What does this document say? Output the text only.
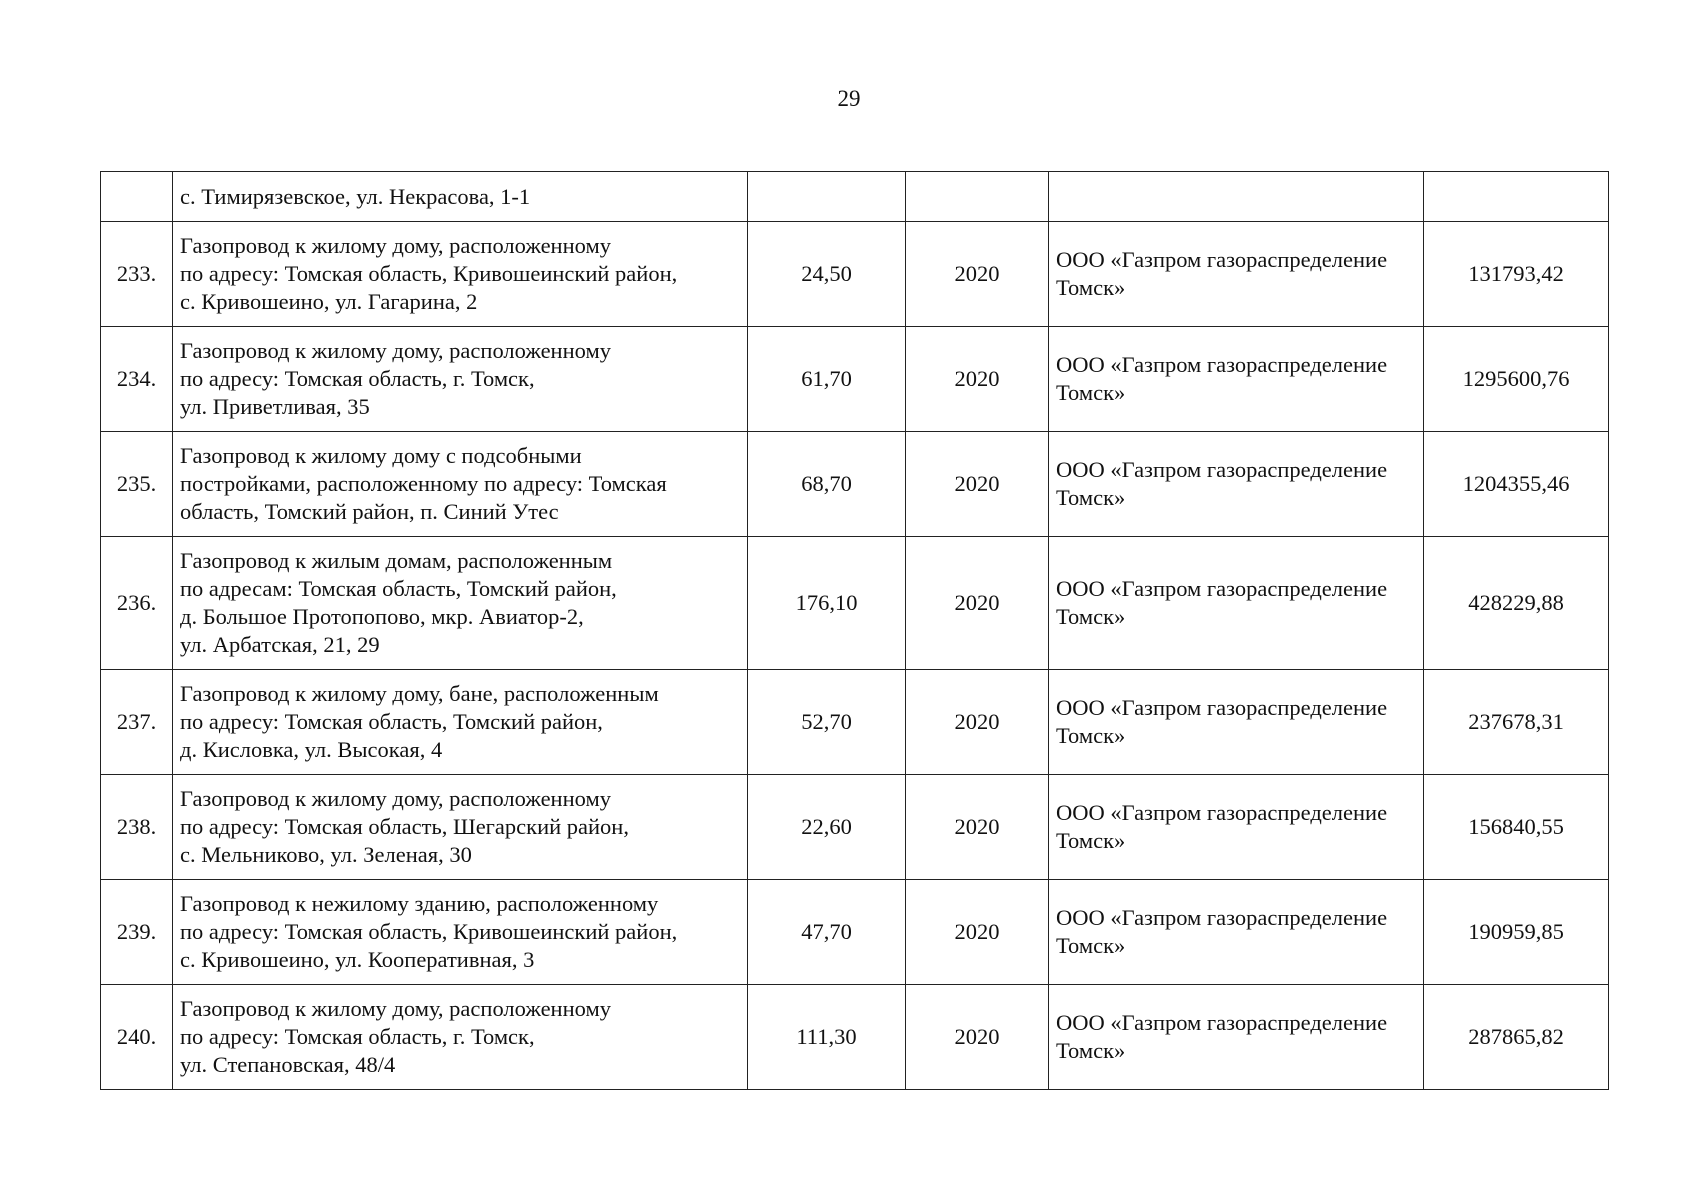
29

	с. Тимирязевское, ул. Некрасова, 1-1				

233.	Газопровод к жилому дому, расположенному
по адресу: Томская область, Кривошеинский район,
с. Кривошеино, ул. Гагарина, 2	24,50	2020	ООО «Газпром газораспределение
Томск»	131793,42
234.	Газопровод к жилому дому, расположенному
по адресу: Томская область, г. Томск,
ул. Приветливая, 35	61,70	2020	ООО «Газпром газораспределение
Томск»	1295600,76
235.	Газопровод к жилому дому с подсобными
постройками, расположенному по адресу: Томская
область, Томский район, п. Синий Утес	68,70	2020	ООО «Газпром газораспределение
Томск»	1204355,46
236.	Газопровод к жилым домам, расположенным
по адресам: Томская область, Томский район,
д. Большое Протопопово, мкр. Авиатор-2,
ул. Арбатская, 21, 29	176,10	2020	ООО «Газпром газораспределение
Томск»	428229,88
237.	Газопровод к жилому дому, бане, расположенным
по адресу: Томская область, Томский район,
д. Кисловка, ул. Высокая, 4	52,70	2020	ООО «Газпром газораспределение
Томск»	237678,31
238.	Газопровод к жилому дому, расположенному
по адресу: Томская область, Шегарский район,
с. Мельниково, ул. Зеленая, 30	22,60	2020	ООО «Газпром газораспределение
Томск»	156840,55
239.	Газопровод к нежилому зданию, расположенному
по адресу: Томская область, Кривошеинский район,
с. Кривошеино, ул. Кооперативная, 3	47,70	2020	ООО «Газпром газораспределение
Томск»	190959,85
240.	Газопровод к жилому дому, расположенному
по адресу: Томская область, г. Томск,
ул. Степановская, 48/4	111,30	2020	ООО «Газпром газораспределение
Томск»	287865,82
